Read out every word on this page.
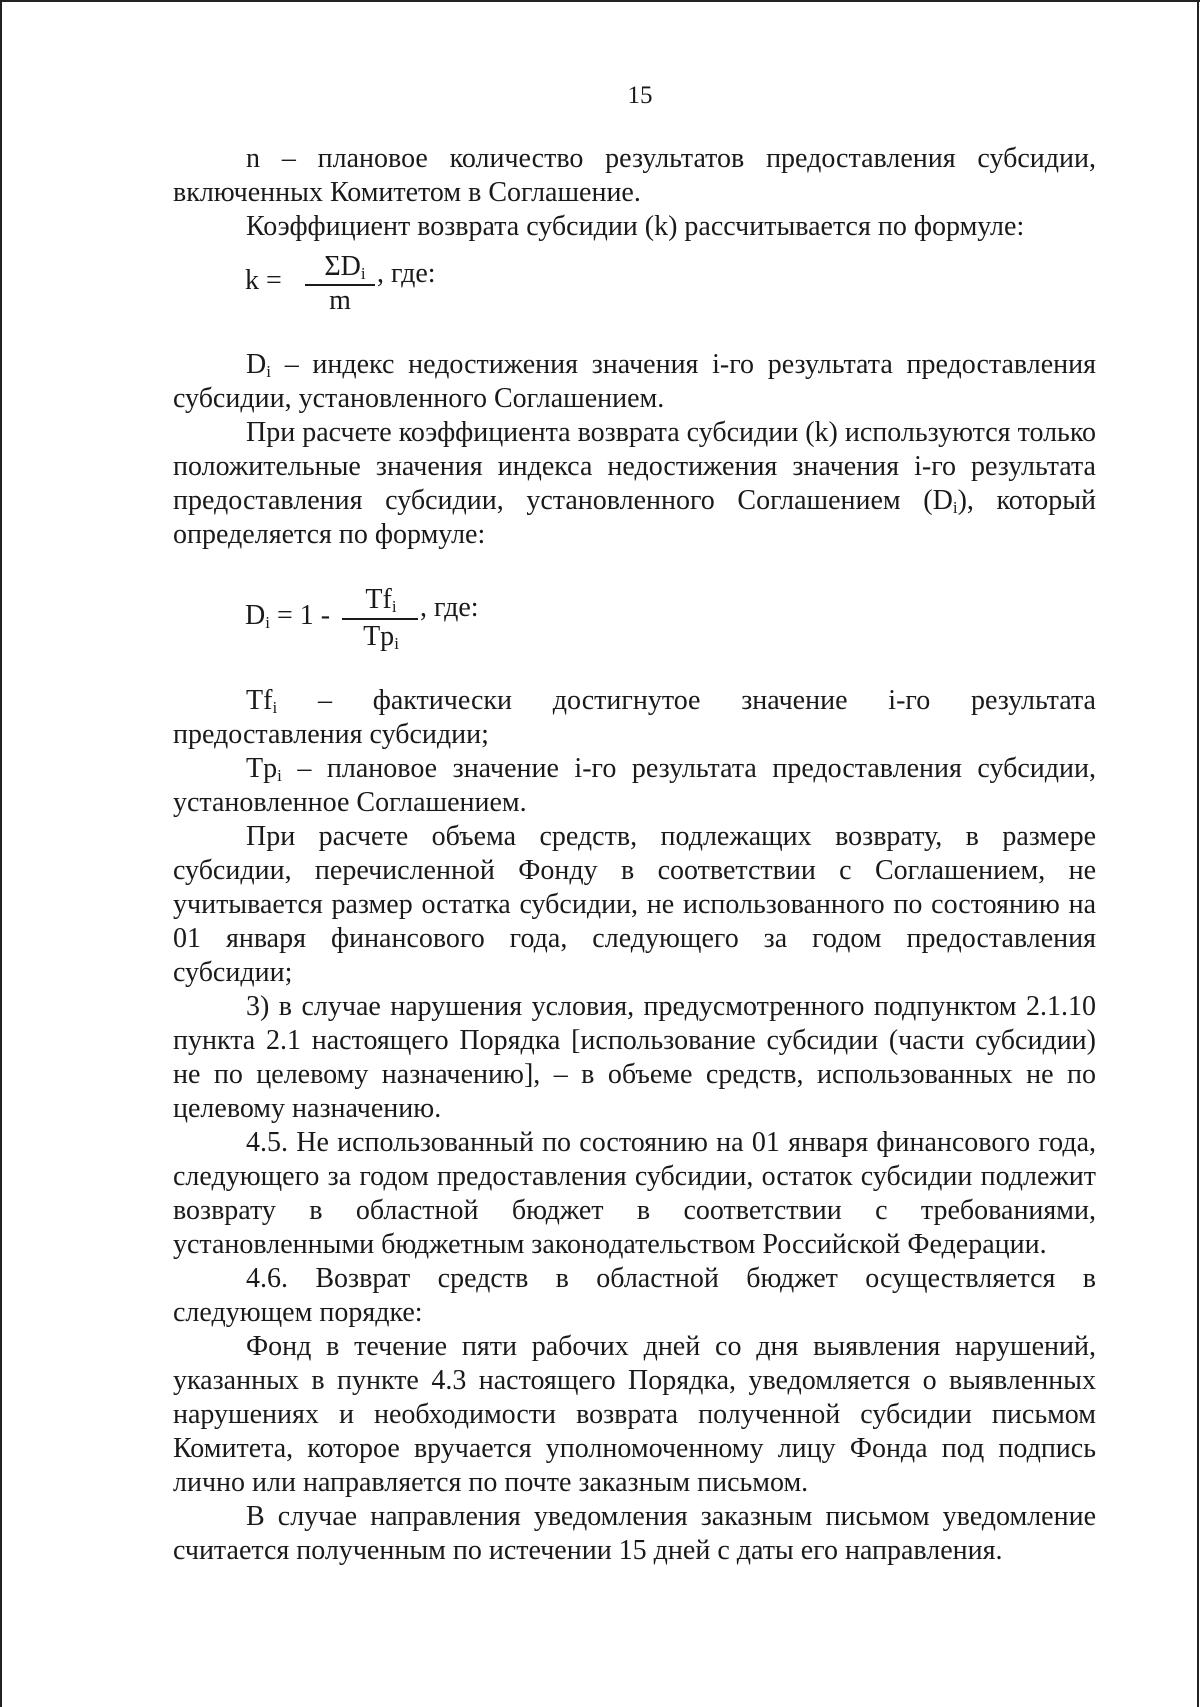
15

n – плановое количество результатов предоставления субсидии, включенных Комитетом в Соглашение.

Коэффициент возврата субсидии (k) рассчитывается по формуле:

k =	$\Sigma D_i$
m
, где:

$D_i$ – индекс недостижения значения i-го результата предоставления субсидии, установленного Соглашением.

При расчете коэффициента возврата субсидии (k) используются только положительные значения индекса недостижения значения i-го результата предоставления субсидии, установленного Соглашением $(D_i)$, который определяется по формуле:

$D_i = 1$ -
$Tf_i$
$Tp_i$
, где:
$Tf_i$ – фактически достигнутое значение i-го результата

предоставления субсидии;

$Tp_i$ – плановое значение i-го результата предоставления субсидии, установленное Соглашением.

При расчете объема средств, подлежащих возврату, в размере субсидии, перечисленной Фонду в соответствии с Соглашением, не учитывается размер остатка субсидии, не использованного по состоянию на 01 января финансового года, следующего за годом предоставления субсидии;

3) в случае нарушения условия, предусмотренного подпунктом 2.1.10 пункта 2.1 настоящего Порядка [использование субсидии (части субсидии) не по целевому назначению], – в объеме средств, использованных не по целевому назначению.

4.5. Не использованный по состоянию на 01 января финансового года, следующего за годом предоставления субсидии, остаток субсидии подлежит возврату в областной бюджет в соответствии с требованиями, установленными бюджетным законодательством Российской Федерации.

4.6. Возврат средств в областной бюджет осуществляется в следующем порядке:

Фонд в течение пяти рабочих дней со дня выявления нарушений, указанных в пункте 4.3 настоящего Порядка, уведомляется о выявленных нарушениях и необходимости возврата полученной субсидии письмом Комитета, которое вручается уполномоченному лицу Фонда под подпись лично или направляется по почте заказным письмом.

В случае направления уведомления заказным письмом уведомление считается полученным по истечении 15 дней с даты его направления.
